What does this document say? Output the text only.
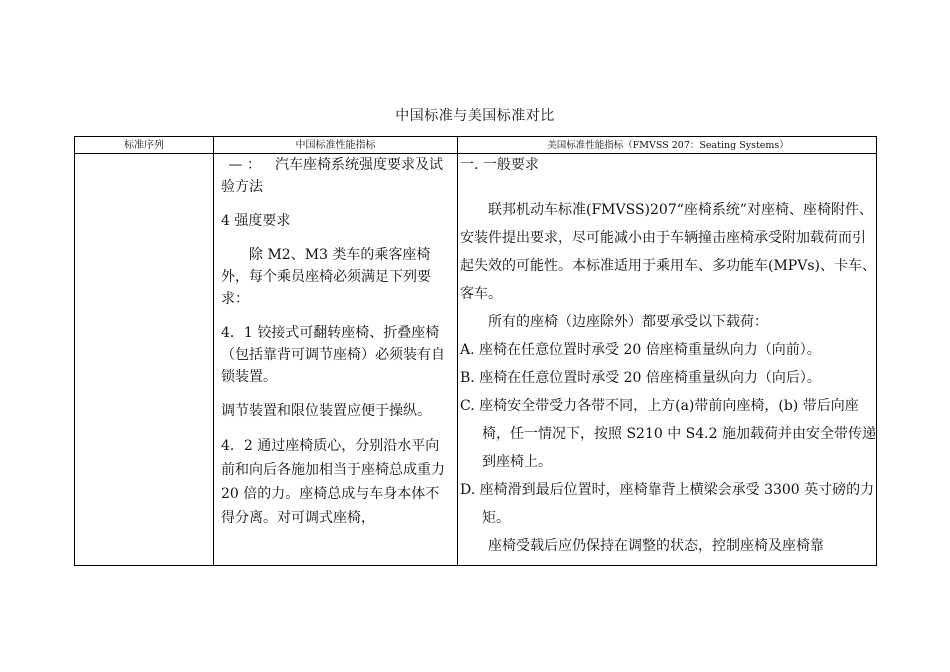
中国标准与美国标准对比
标准序列	中国标准性能指标	美国标准性能指标（FMVSS 207：Seating Systems）

— ： 汽车座椅系统强度要求及试验方法

4 强度要求

除 M2、M3 类车的乘客座椅外，每个乘员座椅必须满足下列要求：

4．1 铰接式可翻转座椅、折叠座椅（包括靠背可调节座椅）必须装有自锁装置。

调节装置和限位装置应便于操纵。

4．2 通过座椅质心，分别沿水平向前和向后各施加相当于座椅总成重力 20 倍的力。座椅总成与车身本体不得分离。对可调式座椅，

一. 一般要求

联邦机动车标准(FMVSS)207“座椅系统”对座椅、座椅附件、安装件提出要求，尽可能减小由于车辆撞击座椅承受附加载荷而引起失效的可能性。本标准适用于乘用车、多功能车(MPVs)、卡车、客车。

所有的座椅（边座除外）都要承受以下载荷：

A. 座椅在任意位置时承受 20 倍座椅重量纵向力（向前）。

B. 座椅在任意位置时承受 20 倍座椅重量纵向力（向后）。

C. 座椅安全带受力各带不同，上方(a)带前向座椅，(b) 带后向座椅，任一情况下，按照 S210 中 S4.2 施加载荷并由安全带传递到座椅上。

D. 座椅滑到最后位置时，座椅靠背上横梁会承受 3300 英寸磅的力矩。

座椅受载后应仍保持在调整的状态，控制座椅及座椅靠
